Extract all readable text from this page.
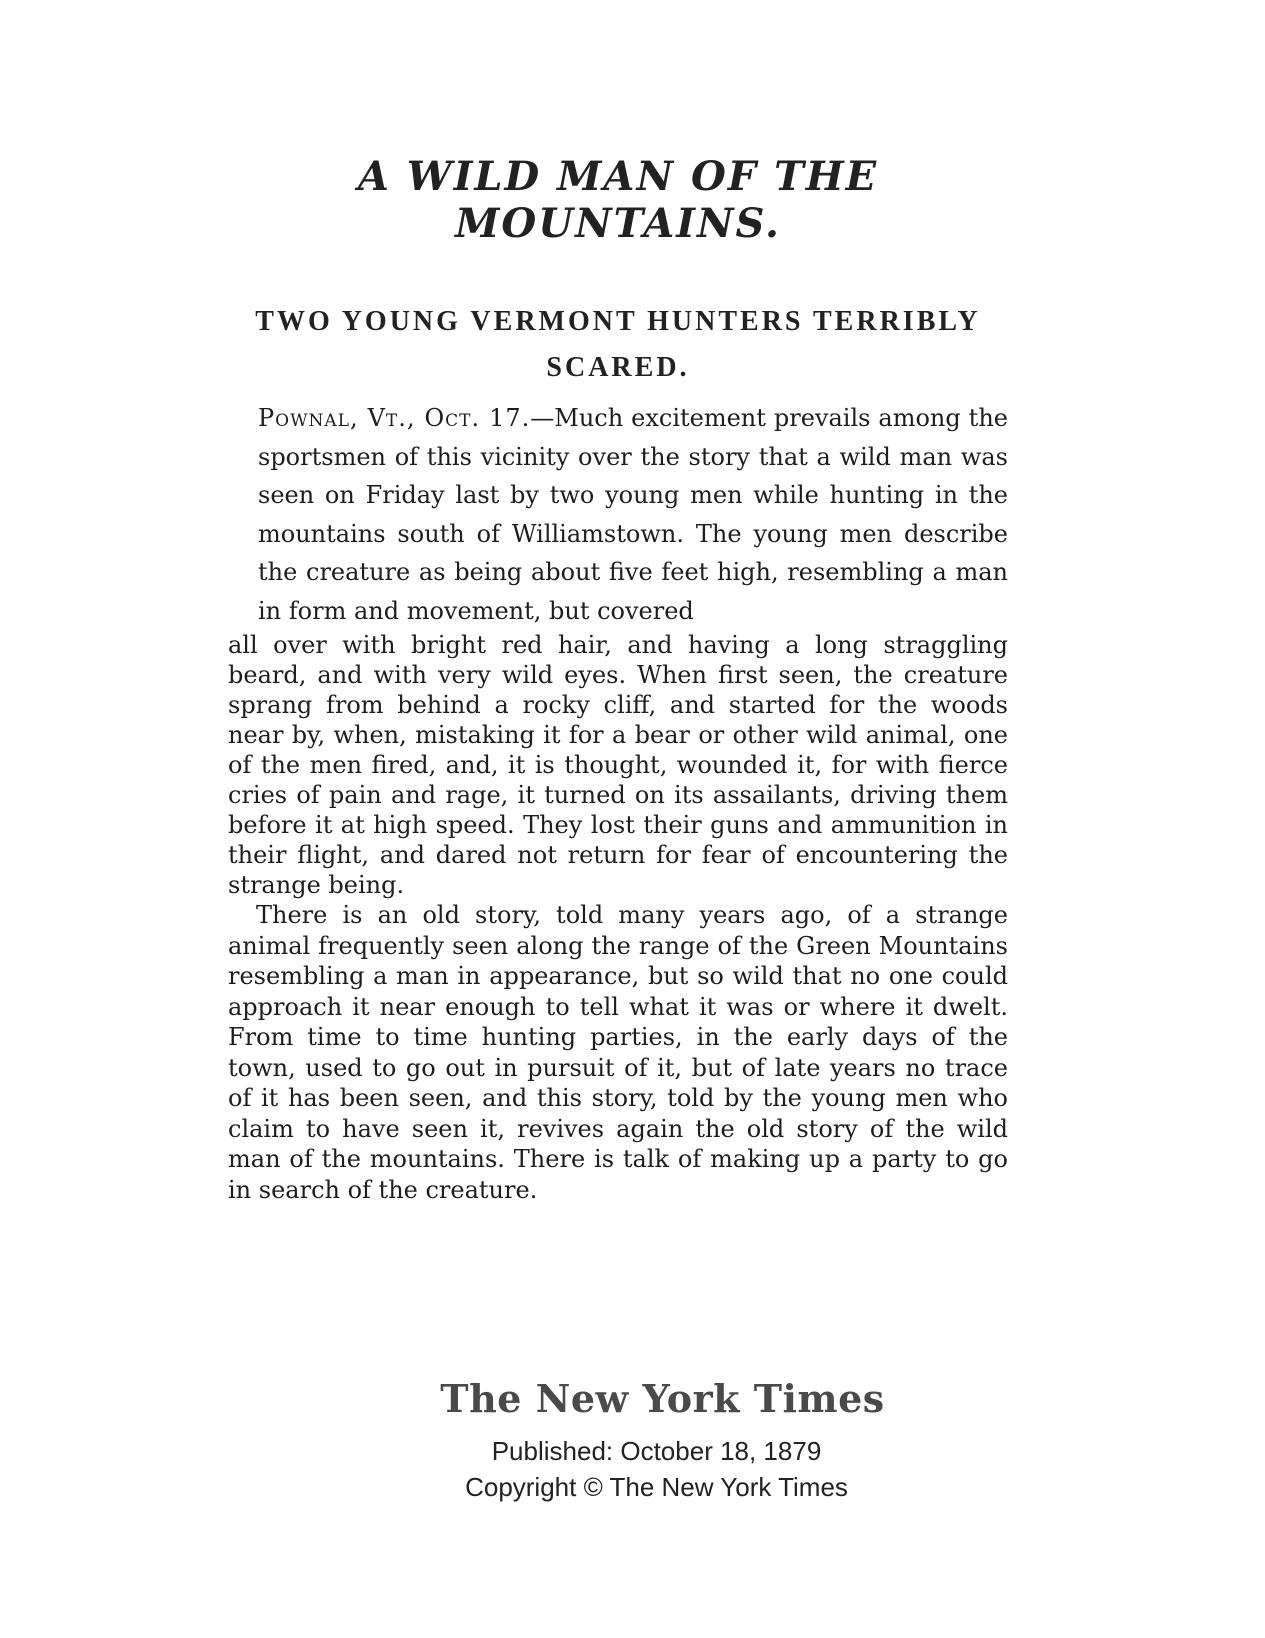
A WILD MAN OF THE MOUNTAINS.
TWO YOUNG VERMONT HUNTERS TERRIBLY SCARED.

Pownal, Vt., Oct. 17.—Much excitement prevails among the sportsmen of this vicinity over the story that a wild man was seen on Friday last by two young men while hunting in the mountains south of Williamstown. The young men describe the creature as being about five feet high, resembling a man in form and movement, but covered

all over with bright red hair, and having a long straggling beard, and with very wild eyes. When first seen, the creature sprang from behind a rocky cliff, and started for the woods near by, when, mistaking it for a bear or other wild animal, one of the men fired, and, it is thought, wounded it, for with fierce cries of pain and rage, it turned on its assailants, driving them before it at high speed. They lost their guns and ammunition in their flight, and dared not return for fear of encountering the strange being.

There is an old story, told many years ago, of a strange animal frequently seen along the range of the Green Mountains resembling a man in appearance, but so wild that no one could approach it near enough to tell what it was or where it dwelt. From time to time hunting parties, in the early days of the town, used to go out in pursuit of it, but of late years no trace of it has been seen, and this story, told by the young men who claim to have seen it, revives again the old story of the wild man of the mountains. There is talk of making up a party to go in search of the creature.

The New York Times
Published: October 18, 1879
Copyright © The New York Times
